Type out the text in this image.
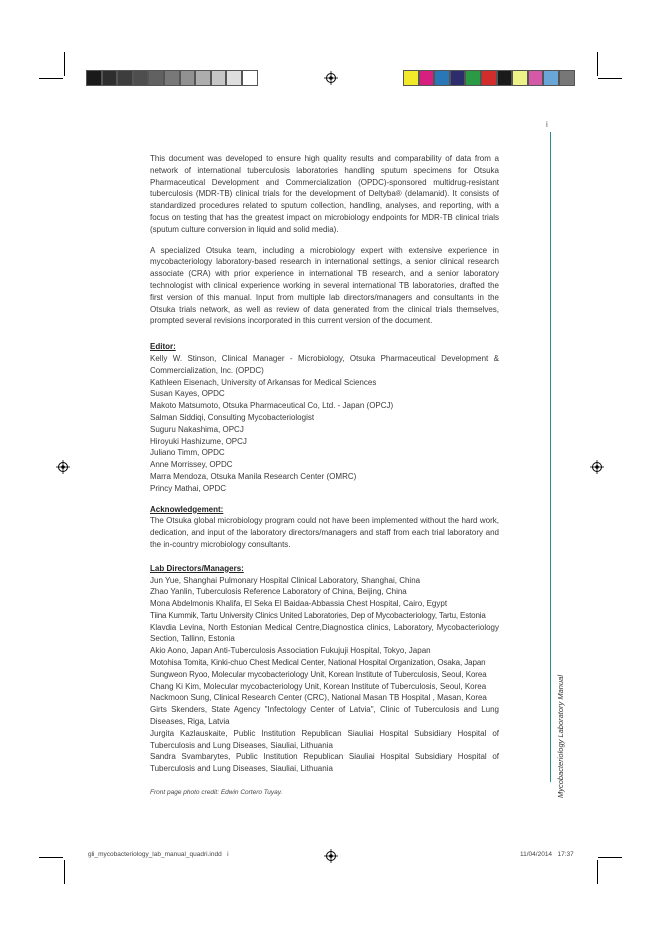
i
Mycobacteriology Laboratory Manual

This document was developed to ensure high quality results and comparability of data from a network of international tuberculosis laboratories handling sputum specimens for Otsuka Pharmaceutical Development and Commercialization (OPDC)-sponsored multidrug-resistant tuberculosis (MDR-TB) clinical trials for the development of Deltyba® (delamanid). It consists of standardized procedures related to sputum collection, handling, analyses, and reporting, with a focus on testing that has the greatest impact on microbiology endpoints for MDR-TB clinical trials (sputum culture conversion in liquid and solid media).

A specialized Otsuka team, including a microbiology expert with extensive experience in mycobacteriology laboratory-based research in international settings, a senior clinical research associate (CRA) with prior experience in international TB research, and a senior laboratory technologist with clinical experience working in several international TB laboratories, drafted the first version of this manual. Input from multiple lab directors/managers and consultants in the Otsuka trials network, as well as review of data generated from the clinical trials themselves, prompted several revisions incorporated in this current version of the document.

Editor:
Kelly W. Stinson, Clinical Manager - Microbiology, Otsuka Pharmaceutical Development & Commercialization, Inc. (OPDC)
Kathleen Eisenach, University of Arkansas for Medical Sciences
Susan Kayes, OPDC
Makoto Matsumoto, Otsuka Pharmaceutical Co, Ltd. - Japan (OPCJ)
Salman Siddiqi, Consulting Mycobacteriologist
Suguru Nakashima, OPCJ
Hiroyuki Hashizume, OPCJ
Juliano Timm, OPDC
Anne Morrissey, OPDC
Marra Mendoza, Otsuka Manila Research Center (OMRC)
Princy Mathai, OPDC
Acknowledgement:

The Otsuka global microbiology program could not have been implemented without the hard work, dedication, and input of the laboratory directors/managers and staff from each trial laboratory and the in-country microbiology consultants.

Lab Directors/Managers:
Jun Yue, Shanghai Pulmonary Hospital Clinical Laboratory, Shanghai, China
Zhao Yanlin, Tuberculosis Reference Laboratory of China, Beijing, China
Mona Abdelmonis Khalifa, El Seka El Baidaa-Abbassia Chest Hospital, Cairo, Egypt
Tiina Kummik, Tartu University Clinics United Laboratories, Dep of Mycobacteriology, Tartu, Estonia
Klavdia Levina, North Estonian Medical Centre,Diagnostica clinics, Laboratory, Mycobacteriology Section, Tallinn, Estonia
Akio Aono, Japan Anti-Tuberculosis Association Fukujuji Hospital, Tokyo, Japan
Motohisa Tomita, Kinki-chuo Chest Medical Center, National Hospital Organization, Osaka, Japan
Sungweon Ryoo, Molecular mycobacteriology Unit, Korean Institute of Tuberculosis, Seoul, Korea
Chang Ki Kim, Molecular mycobacteriology Unit, Korean Institute of Tuberculosis, Seoul, Korea
Nackmoon Sung, Clinical Research Center (CRC), National Masan TB Hospital , Masan, Korea
Girts Skenders, State Agency "Infectology Center of Latvia", Clinic of Tuberculosis and Lung Diseases, Riga, Latvia
Jurgita Kazlauskaite, Public Institution Republican Siauliai Hospital Subsidiary Hospital of Tuberculosis and Lung Diseases, Siauliai, Lithuania
Sandra Svambarytes, Public Institution Republican Siauliai Hospital Subsidiary Hospital of Tuberculosis and Lung Diseases, Siauliai, Lithuania
Front page photo credit: Edwin Cortero Tuyay.
gli_mycobacteriology_lab_manual_quadri.indd   i	11/04/2014   17:37
